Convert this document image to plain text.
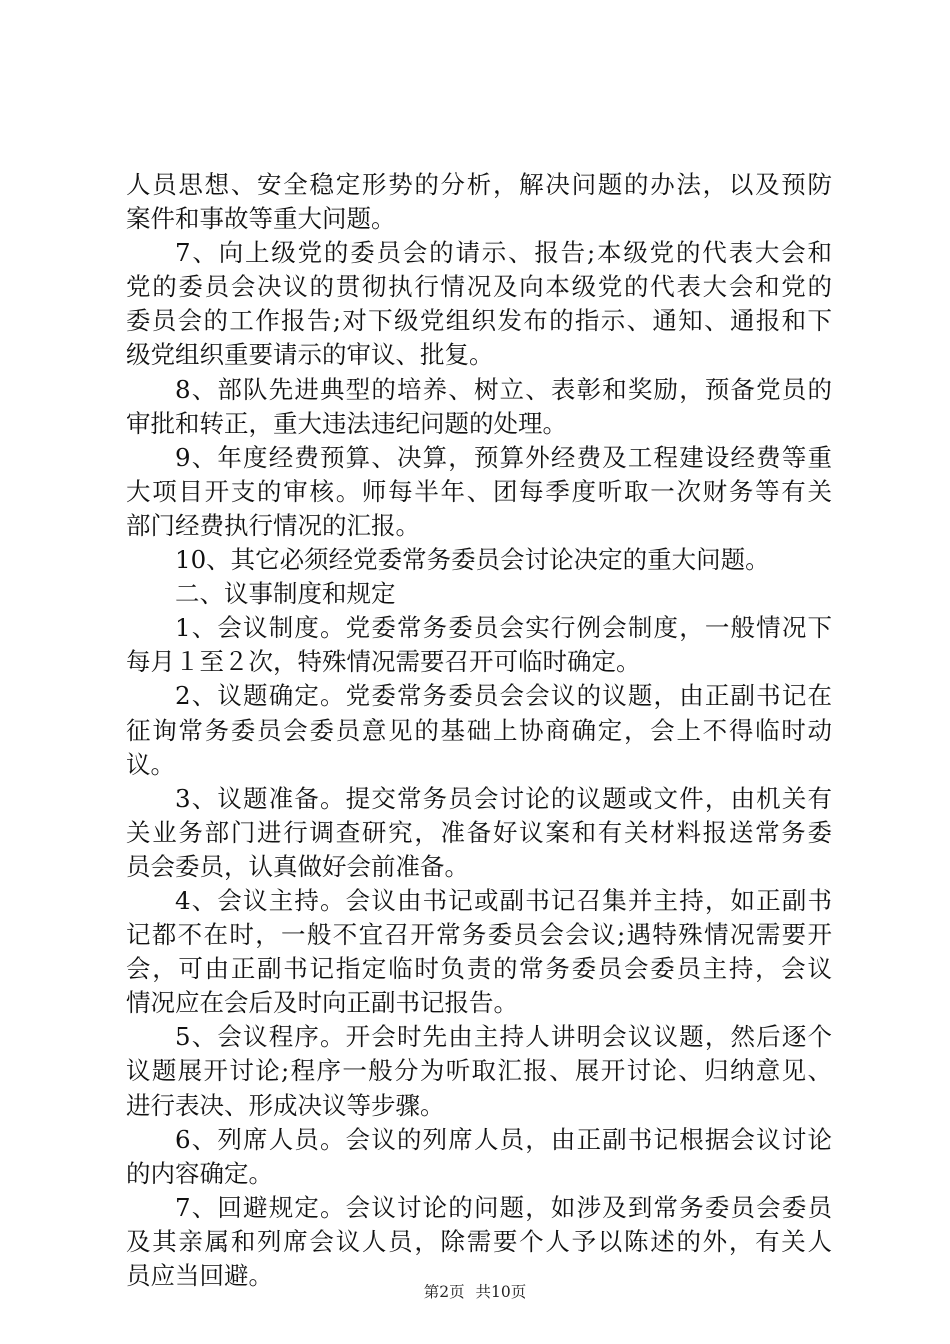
人员思想、安全稳定形势的分析，解决问题的办法，以及预防
案件和事故等重大问题。
7、向上级党的委员会的请示、报告;本级党的代表大会和
党的委员会决议的贯彻执行情况及向本级党的代表大会和党的
委员会的工作报告;对下级党组织发布的指示、通知、通报和下
级党组织重要请示的审议、批复。
8、部队先进典型的培养、树立、表彰和奖励，预备党员的
审批和转正，重大违法违纪问题的处理。
9、年度经费预算、决算，预算外经费及工程建设经费等重
大项目开支的审核。师每半年、团每季度听取一次财务等有关
部门经费执行情况的汇报。
10、其它必须经党委常务委员会讨论决定的重大问题。
二、议事制度和规定
1、会议制度。党委常务委员会实行例会制度，一般情况下
每月１至２次，特殊情况需要召开可临时确定。
2、议题确定。党委常务委员会会议的议题，由正副书记在
征询常务委员会委员意见的基础上协商确定，会上不得临时动
议。
3、议题准备。提交常务员会讨论的议题或文件，由机关有
关业务部门进行调查研究，准备好议案和有关材料报送常务委
员会委员，认真做好会前准备。
4、会议主持。会议由书记或副书记召集并主持，如正副书
记都不在时，一般不宜召开常务委员会会议;遇特殊情况需要开
会，可由正副书记指定临时负责的常务委员会委员主持，会议
情况应在会后及时向正副书记报告。
5、会议程序。开会时先由主持人讲明会议议题，然后逐个
议题展开讨论;程序一般分为听取汇报、展开讨论、归纳意见、
进行表决、形成决议等步骤。
6、列席人员。会议的列席人员，由正副书记根据会议讨论
的内容确定。
7、回避规定。会议讨论的问题，如涉及到常务委员会委员
及其亲属和列席会议人员，除需要个人予以陈述的外，有关人
员应当回避。
第2页 共10页
